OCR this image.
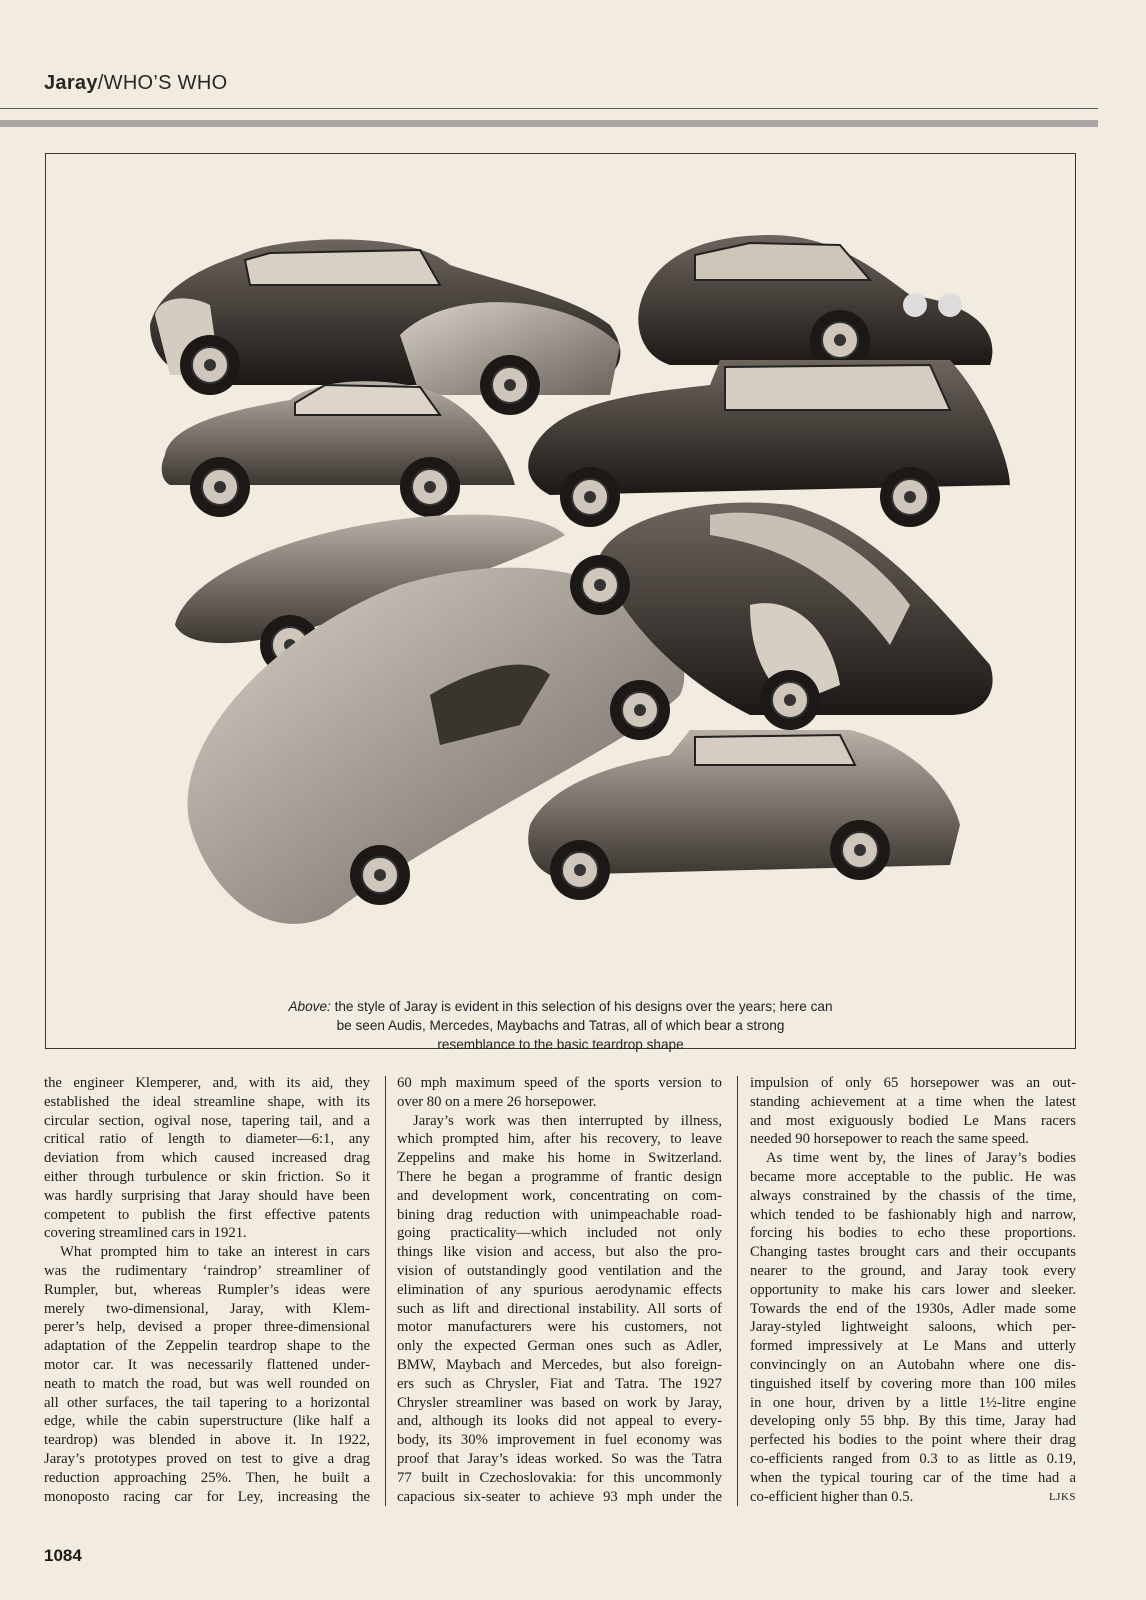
Jaray/WHO’S WHO
Above: the style of Jaray is evident in this selection of his designs over the years; here can
be seen Audis, Mercedes, Maybachs and Tatras, all of which bear a strong
resemblance to the basic teardrop shape
the engineer Klemperer, and, with its aid, they
established the ideal streamline shape, with its
circular section, ogival nose, tapering tail, and a
critical ratio of length to diameter—6:1, any
deviation from which caused increased drag
either through turbulence or skin friction. So it
was hardly surprising that Jaray should have been
competent to publish the first effective patents
covering streamlined cars in 1921.
What prompted him to take an interest in cars
was the rudimentary ‘raindrop’ streamliner of
Rumpler, but, whereas Rumpler’s ideas were
merely two-dimensional, Jaray, with Klem-
perer’s help, devised a proper three-dimensional
adaptation of the Zeppelin teardrop shape to the
motor car. It was necessarily flattened under-
neath to match the road, but was well rounded on
all other surfaces, the tail tapering to a horizontal
edge, while the cabin superstructure (like half a
teardrop) was blended in above it. In 1922,
Jaray’s prototypes proved on test to give a drag
reduction approaching 25%. Then, he built a
monoposto racing car for Ley, increasing the
60 mph maximum speed of the sports version to
over 80 on a mere 26 horsepower.
Jaray’s work was then interrupted by illness,
which prompted him, after his recovery, to leave
Zeppelins and make his home in Switzerland.
There he began a programme of frantic design
and development work, concentrating on com-
bining drag reduction with unimpeachable road-
going practicality—which included not only
things like vision and access, but also the pro-
vision of outstandingly good ventilation and the
elimination of any spurious aerodynamic effects
such as lift and directional instability. All sorts of
motor manufacturers were his customers, not
only the expected German ones such as Adler,
BMW, Maybach and Mercedes, but also foreign-
ers such as Chrysler, Fiat and Tatra. The 1927
Chrysler streamliner was based on work by Jaray,
and, although its looks did not appeal to every-
body, its 30% improvement in fuel economy was
proof that Jaray’s ideas worked. So was the Tatra
77 built in Czechoslovakia: for this uncommonly
capacious six-seater to achieve 93 mph under the
impulsion of only 65 horsepower was an out-
standing achievement at a time when the latest
and most exiguously bodied Le Mans racers
needed 90 horsepower to reach the same speed.
As time went by, the lines of Jaray’s bodies
became more acceptable to the public. He was
always constrained by the chassis of the time,
which tended to be fashionably high and narrow,
forcing his bodies to echo these proportions.
Changing tastes brought cars and their occupants
nearer to the ground, and Jaray took every
opportunity to make his cars lower and sleeker.
Towards the end of the 1930s, Adler made some
Jaray-styled lightweight saloons, which per-
formed impressively at Le Mans and utterly
convincingly on an Autobahn where one dis-
tinguished itself by covering more than 100 miles
in one hour, driven by a little 1½-litre engine
developing only 55 bhp. By this time, Jaray had
perfected his bodies to the point where their drag
co-efficients ranged from 0.3 to as little as 0.19,
when the typical touring car of the time had a
co-efficient higher than 0.5.	LJKS
1084
